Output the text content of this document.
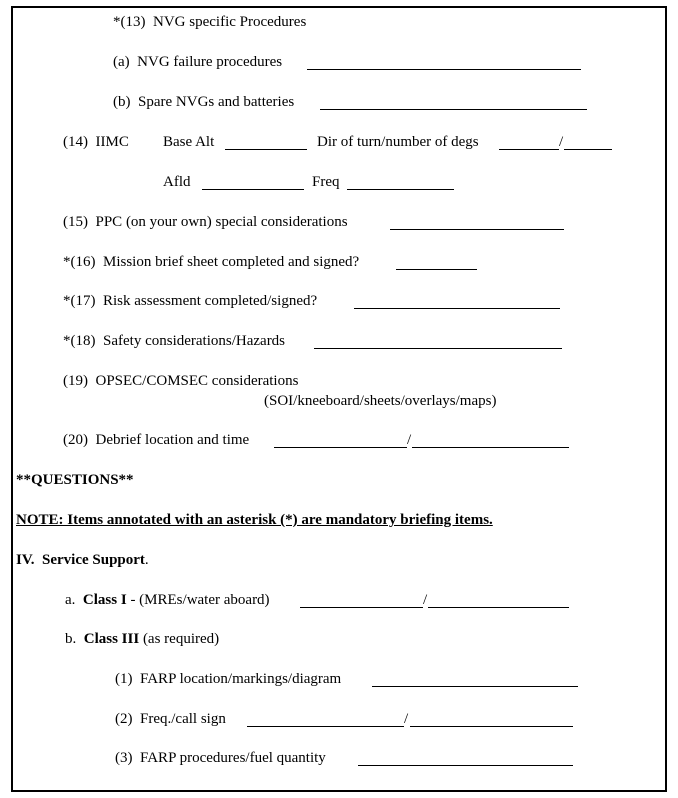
*(13) NVG specific Procedures
(a) NVG failure procedures
(b) Spare NVGs and batteries
(14) IIMC Base Alt	Dir of turn/number of degs	/
Afld	Freq
(15) PPC (on your own) special considerations
*(16) Mission brief sheet completed and signed?
*(17) Risk assessment completed/signed?
*(18) Safety considerations/Hazards
(19) OPSEC/COMSEC considerations
(SOI/kneeboard/sheets/overlays/maps)
(20) Debrief location and time	/
**QUESTIONS**
NOTE: Items annotated with an asterisk (*) are mandatory briefing items.
IV. Service Support.
a. Class I - (MREs/water aboard)	/
b. Class III (as required)
(1) FARP location/markings/diagram
(2) Freq./call sign	/
(3) FARP procedures/fuel quantity
